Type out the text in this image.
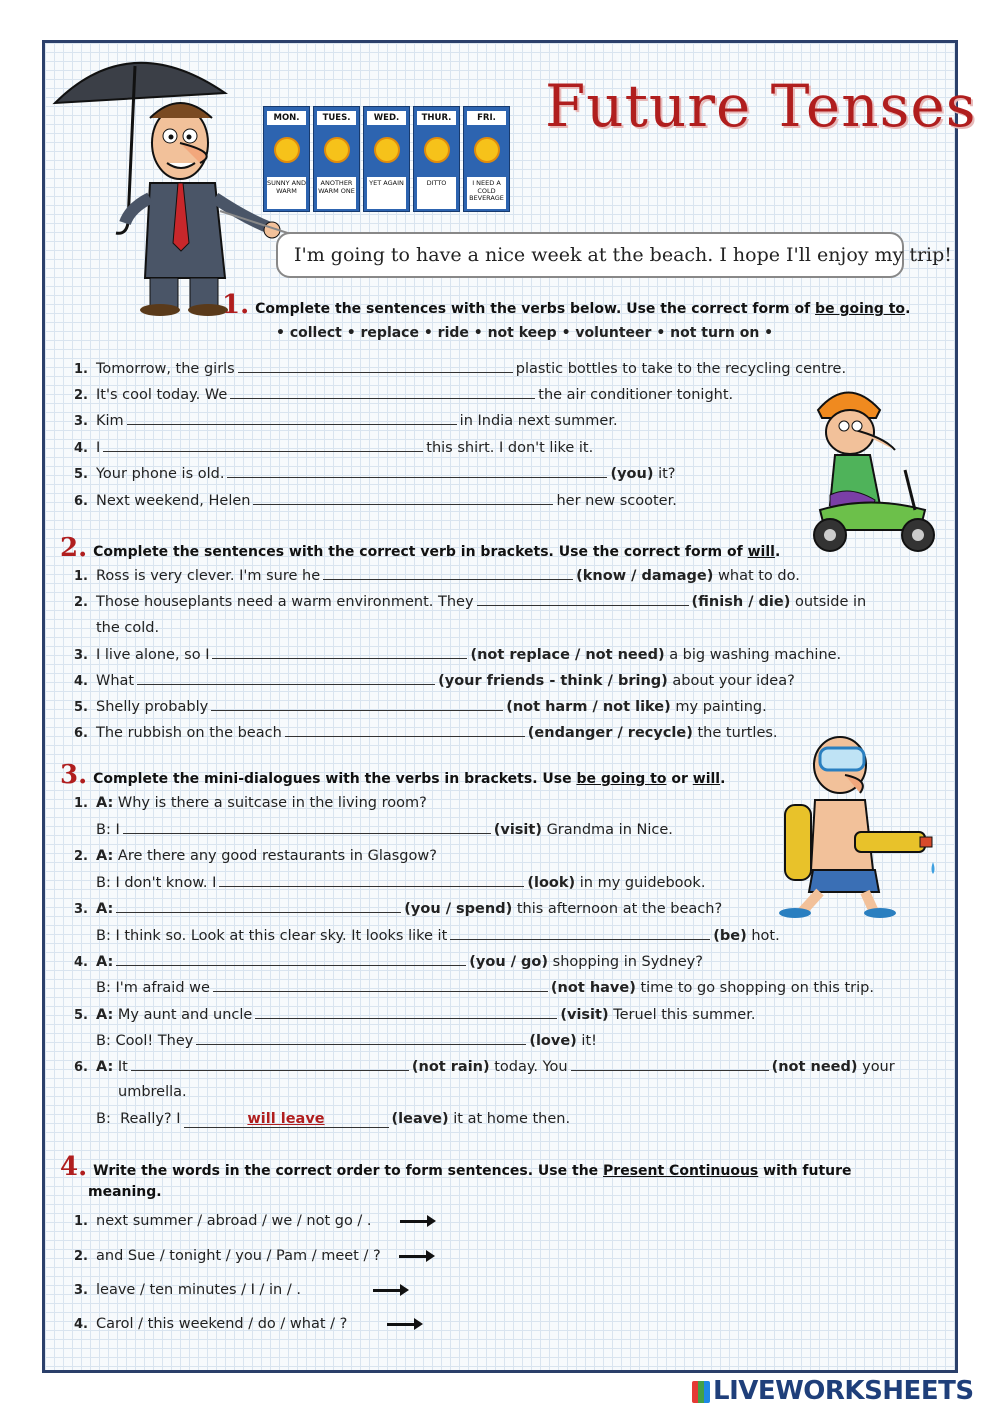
MON.
SUNNY AND WARM
TUES.
ANOTHER WARM ONE
WED.
YET AGAIN
THUR.
DITTO
FRI.
I NEED A COLD BEVERAGE
Future Tenses
I'm going to have a nice week at the beach. I hope I'll enjoy my trip!
1. Complete the sentences with the verbs below. Use the correct form of be going to.
• collect • replace • ride • not keep • volunteer • not turn on •
1. Tomorrow, the girls	plastic bottles to take to the recycling centre.
2. It's cool today. We	the air conditioner tonight.
3. Kim	in India next summer.
4. I	this shirt. I don't like it.
5. Your phone is old.	(you) it?
6. Next weekend, Helen	her new scooter.
2. Complete the sentences with the correct verb in brackets. Use the correct form of will.
1. Ross is very clever. I'm sure he	(know / damage) what to do.
2. Those houseplants need a warm environment. They	(finish / die) outside in
the cold.
3. I live alone, so I	(not replace / not need) a big washing machine.
4. What	(your friends - think / bring) about your idea?
5. Shelly probably	(not harm / not like) my painting.
6. The rubbish on the beach	(endanger / recycle) the turtles.
3. Complete the mini-dialogues with the verbs in brackets. Use be going to or will.
1. A: Why is there a suitcase in the living room?
B: I	(visit) Grandma in Nice.
2. A: Are there any good restaurants in Glasgow?
B: I don't know. I	(look) in my guidebook.
3. A:	(you / spend) this afternoon at the beach?
B: I think so. Look at this clear sky. It looks like it	(be) hot.
4. A:	(you / go) shopping in Sydney?
B: I'm afraid we	(not have) time to go shopping on this trip.
5. A: My aunt and uncle	(visit) Teruel this summer.
B: Cool! They	(love) it!
6. A: It	(not rain) today. You	(not need) your
umbrella.
B: Really? I	will leave	(leave) it at home then.
4. Write the words in the correct order to form sentences. Use the Present Continuous with future
meaning.
1. next summer / abroad / we / not go / .
2. and Sue / tonight / you / Pam / meet / ?
3. leave / ten minutes / I / in / .
4. Carol / this weekend / do / what / ?
LIVEWORKSHEETS
